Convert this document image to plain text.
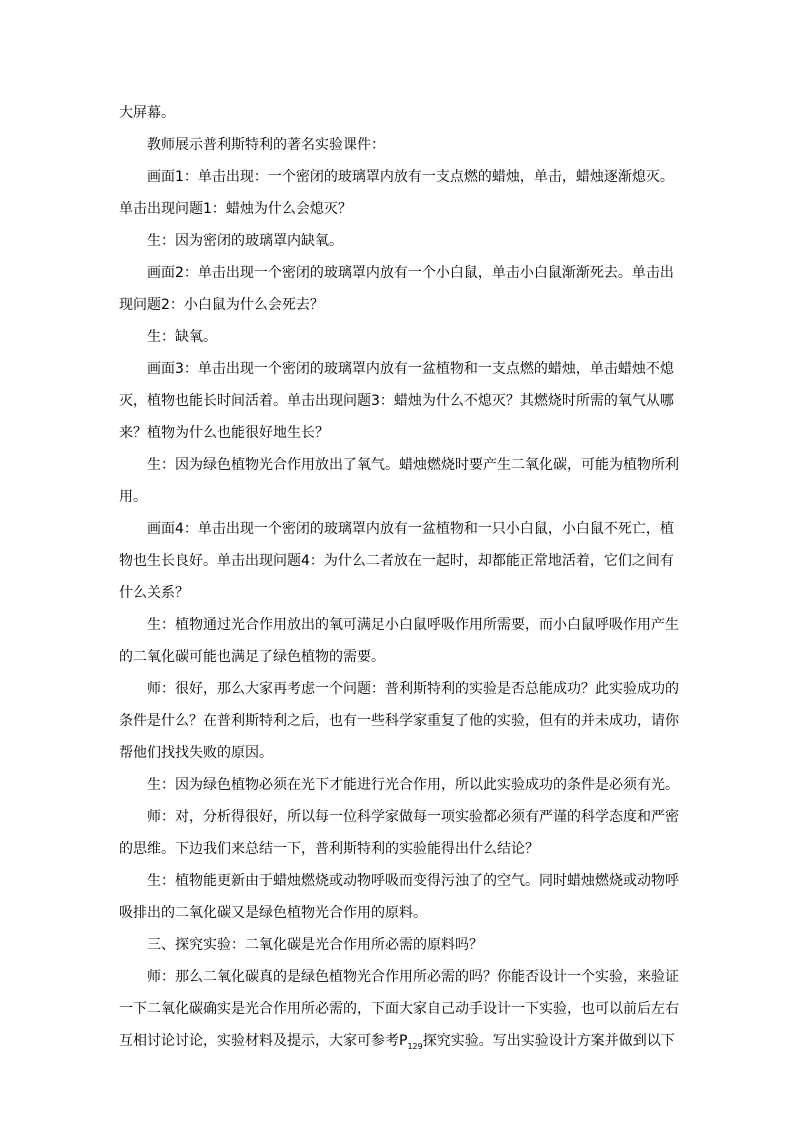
大屏幕。
教师展示普利斯特利的著名实验课件：
画面1：单击出现：一个密闭的玻璃罩内放有一支点燃的蜡烛，单击，蜡烛逐渐熄灭。
单击出现问题1：蜡烛为什么会熄灭？
生：因为密闭的玻璃罩内缺氧。
画面2：单击出现一个密闭的玻璃罩内放有一个小白鼠，单击小白鼠渐渐死去。单击出
现问题2：小白鼠为什么会死去？
生：缺氧。
画面3：单击出现一个密闭的玻璃罩内放有一盆植物和一支点燃的蜡烛，单击蜡烛不熄
灭，植物也能长时间活着。单击出现问题3：蜡烛为什么不熄灭？其燃烧时所需的氧气从哪
来？植物为什么也能很好地生长？
生：因为绿色植物光合作用放出了氧气。蜡烛燃烧时要产生二氧化碳，可能为植物所利
用。
画面4：单击出现一个密闭的玻璃罩内放有一盆植物和一只小白鼠，小白鼠不死亡，植
物也生长良好。单击出现问题4：为什么二者放在一起时，却都能正常地活着，它们之间有
什么关系？
生：植物通过光合作用放出的氧可满足小白鼠呼吸作用所需要，而小白鼠呼吸作用产生
的二氧化碳可能也满足了绿色植物的需要。
师：很好，那么大家再考虑一个问题：普利斯特利的实验是否总能成功？此实验成功的
条件是什么？在普利斯特利之后，也有一些科学家重复了他的实验，但有的并未成功，请你
帮他们找找失败的原因。
生：因为绿色植物必须在光下才能进行光合作用，所以此实验成功的条件是必须有光。
师：对，分析得很好，所以每一位科学家做每一项实验都必须有严谨的科学态度和严密
的思维。下边我们来总结一下，普利斯特利的实验能得出什么结论？
生：植物能更新由于蜡烛燃烧或动物呼吸而变得污浊了的空气。同时蜡烛燃烧或动物呼
吸排出的二氧化碳又是绿色植物光合作用的原料。
三、探究实验：二氧化碳是光合作用所必需的原料吗？
师：那么二氧化碳真的是绿色植物光合作用所必需的吗？你能否设计一个实验，来验证
一下二氧化碳确实是光合作用所必需的，下面大家自己动手设计一下实验，也可以前后左右
互相讨论讨论，实验材料及提示，大家可参考$P_{129}$探究实验。写出实验设计方案并做到以下
